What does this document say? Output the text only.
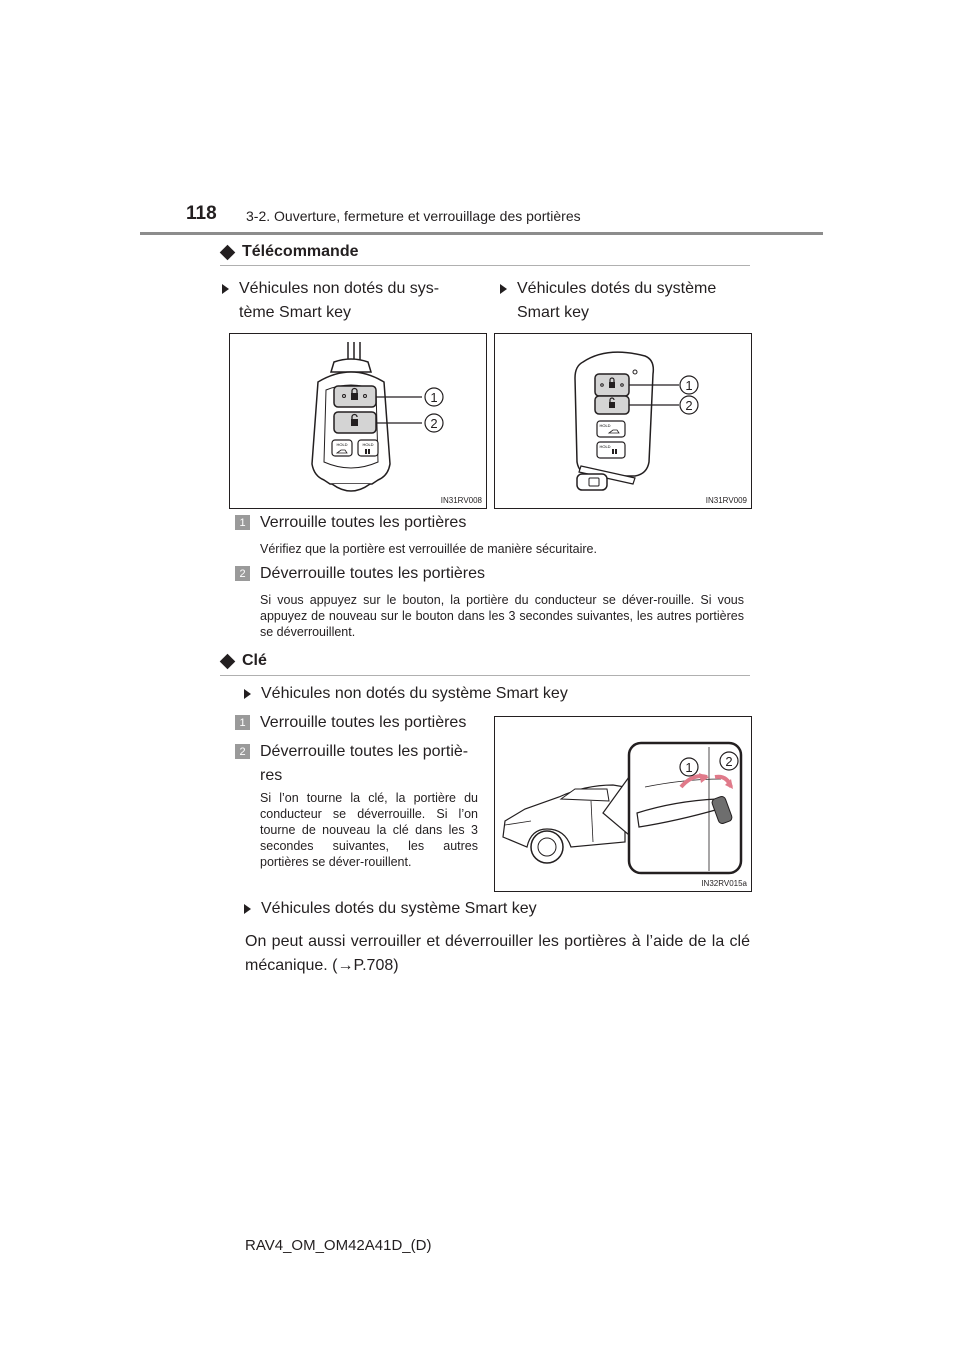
118 3-2. Ouverture, fermeture et verrouillage des portières
Télécommande
Véhicules non dotés du sys-
tème Smart key
Véhicules dotés du système
Smart key
HOLD	HOLD
1
2
IN31RV008
HOLD
HOLD
1
2
IN31RV009
1 Verrouille toutes les portières
Vérifiez que la portière est verrouillée de manière sécuritaire.
2 Déverrouille toutes les portières
Si vous appuyez sur le bouton, la portière du conducteur se déver-rouille. Si vous appuyez de nouveau sur le bouton dans les 3 secondes suivantes, les autres portières se déverrouillent.
Clé
Véhicules non dotés du système Smart key
1 Verrouille toutes les portières
2 Déverrouille toutes les portiè-
res
Si l’on tourne la clé, la portière du conducteur se déverrouille. Si l’on tourne de nouveau la clé dans les 3 secondes suivantes, les autres portières se déver-rouillent.
1	2
IN32RV015a
Véhicules dotés du système Smart key
On peut aussi verrouiller et déverrouiller les portières à l’aide de la clé mécanique. (→P.708)
RAV4_OM_OM42A41D_(D)
